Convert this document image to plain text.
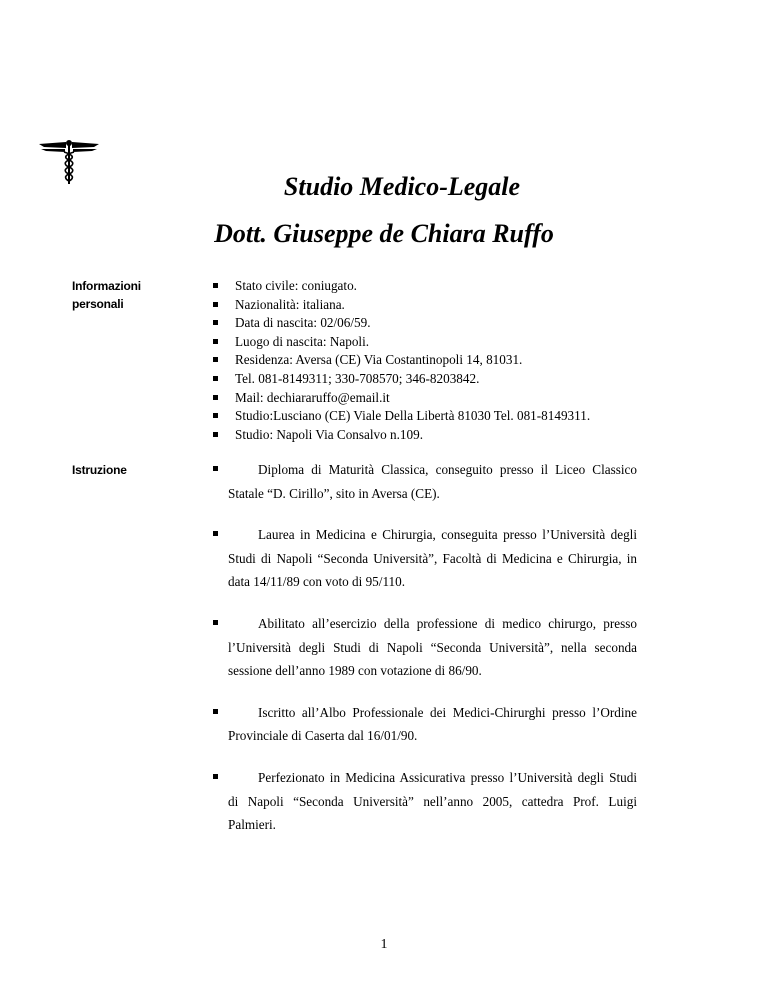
Studio Medico-Legale
Dott. Giuseppe de Chiara Ruffo
Informazioni personali
Stato civile: coniugato.
Nazionalità: italiana.
Data di nascita: 02/06/59.
Luogo di nascita: Napoli.
Residenza: Aversa (CE) Via Costantinopoli 14, 81031.
Tel. 081-8149311; 330-708570; 346-8203842.
Mail: dechiararuffo@email.it
Studio:Lusciano (CE) Viale Della Libertà 81030 Tel. 081-8149311.
Studio: Napoli Via Consalvo n.109.
Istruzione	Diploma di Maturità Classica, conseguito presso il Liceo Classico Statale “D. Cirillo”, sito in Aversa (CE).
Laurea in Medicina e Chirurgia, conseguita presso l’Università degli Studi di Napoli “Seconda Università”, Facoltà di Medicina e Chirurgia, in data 14/11/89 con voto di 95/110.
Abilitato all’esercizio della professione di medico chirurgo, presso l’Università degli Studi di Napoli “Seconda Università”, nella seconda sessione dell’anno 1989 con votazione di 86/90.
Iscritto all’Albo Professionale dei Medici-Chirurghi presso l’Ordine Provinciale di Caserta dal 16/01/90.
Perfezionato in Medicina Assicurativa presso l’Università degli Studi di Napoli “Seconda Università” nell’anno 2005, cattedra Prof. Luigi Palmieri.
1
